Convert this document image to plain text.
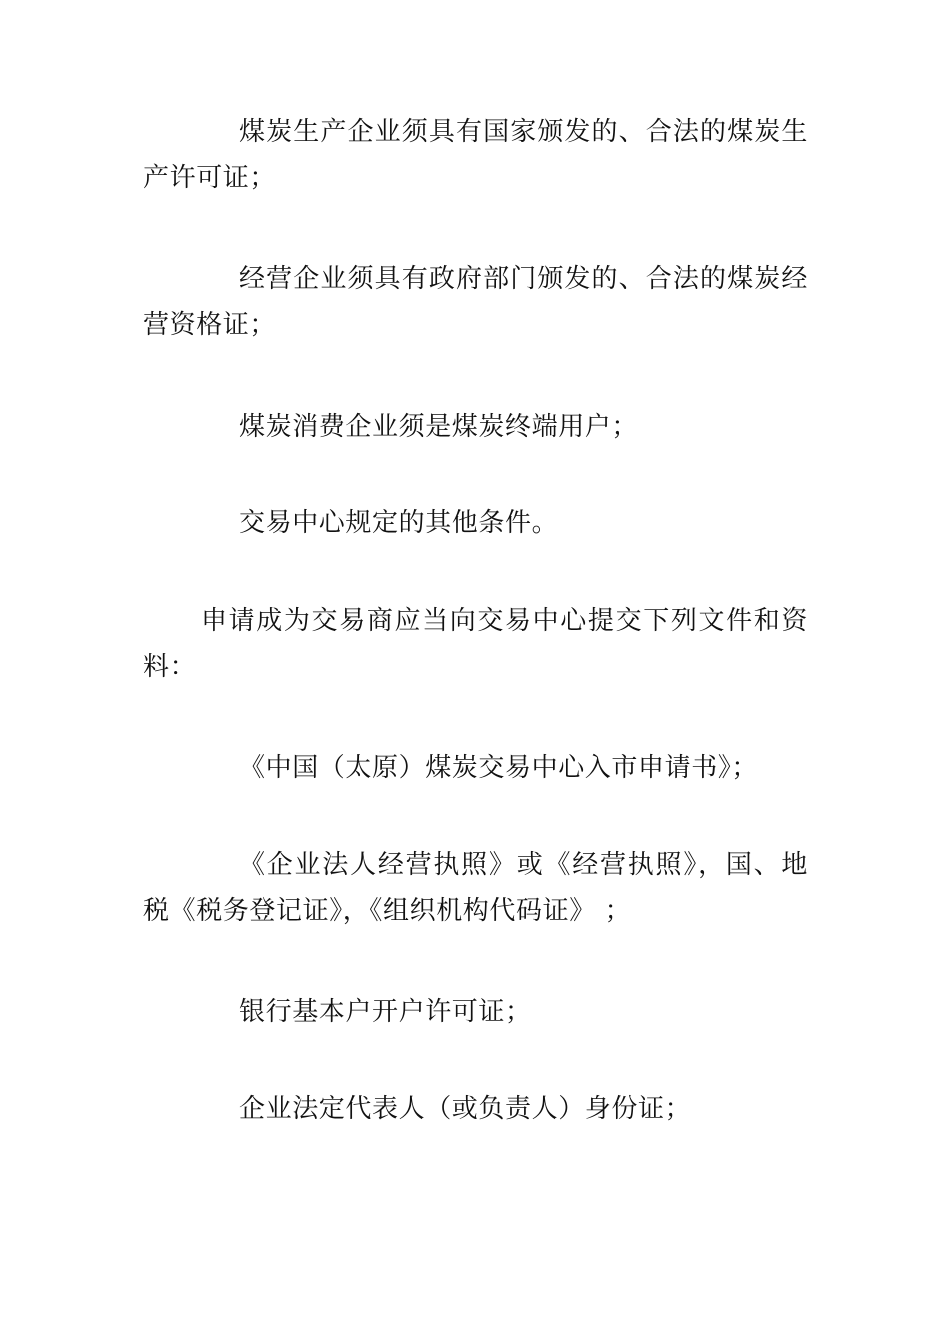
煤炭生产企业须具有国家颁发的、合法的煤炭生产许可证；

经营企业须具有政府部门颁发的、合法的煤炭经营资格证；

煤炭消费企业须是煤炭终端用户；

交易中心规定的其他条件。

申请成为交易商应当向交易中心提交下列文件和资料：

《中国（太原）煤炭交易中心入市申请书》；

《企业法人经营执照》或《经营执照》，国、地税《税务登记证》，《组织机构代码证》 ；

银行基本户开户许可证；

企业法定代表人（或负责人）身份证；
